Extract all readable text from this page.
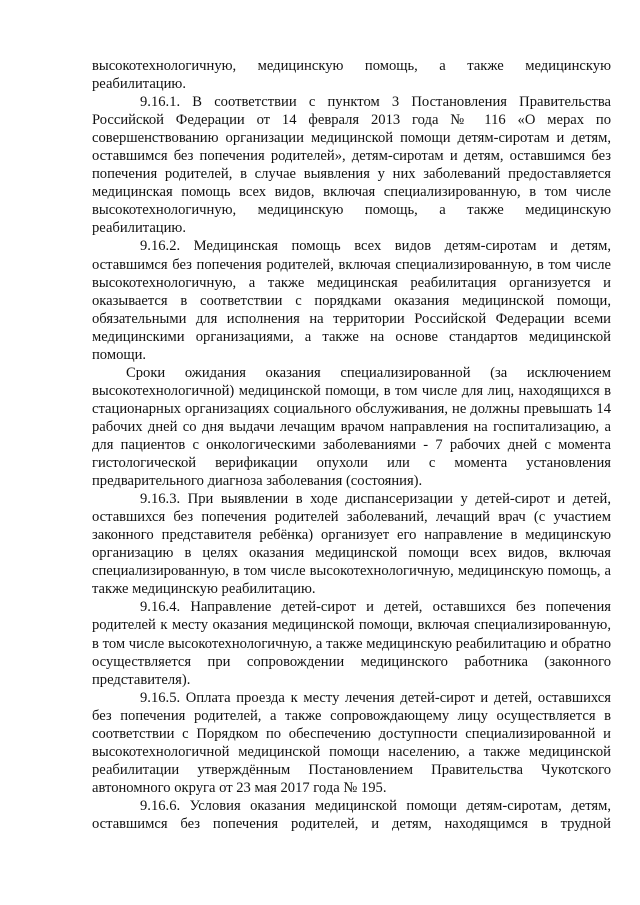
высокотехнологичную, медицинскую помощь, а также медицинскую реабилитацию.

9.16.1. В соответствии с пунктом 3 Постановления Правительства Российской Федерации от 14 февраля 2013 года № 116 «О мерах по совершенствованию организации медицинской помощи детям-сиротам и детям, оставшимся без попечения родителей», детям-сиротам и детям, оставшимся без попечения родителей, в случае выявления у них заболеваний предоставляется медицинская помощь всех видов, включая специализированную, в том числе высокотехнологичную, медицинскую помощь, а также медицинскую реабилитацию.

9.16.2. Медицинская помощь всех видов детям-сиротам и детям, оставшимся без попечения родителей, включая специализированную, в том числе высокотехнологичную, а также медицинская реабилитация организуется и оказывается в соответствии с порядками оказания медицинской помощи, обязательными для исполнения на территории Российской Федерации всеми медицинскими организациями, а также на основе стандартов медицинской помощи.

Сроки ожидания оказания специализированной (за исключением высокотехнологичной) медицинской помощи, в том числе для лиц, находящихся в стационарных организациях социального обслуживания, не должны превышать 14 рабочих дней со дня выдачи лечащим врачом направления на госпитализацию, а для пациентов с онкологическими заболеваниями - 7 рабочих дней с момента гистологической верификации опухоли или с момента установления предварительного диагноза заболевания (состояния).

9.16.3. При выявлении в ходе диспансеризации у детей-сирот и детей, оставшихся без попечения родителей заболеваний, лечащий врач (с участием законного представителя ребёнка) организует его направление в медицинскую организацию в целях оказания медицинской помощи всех видов, включая специализированную, в том числе высокотехнологичную, медицинскую помощь, а также медицинскую реабилитацию.

9.16.4. Направление детей-сирот и детей, оставшихся без попечения родителей к месту оказания медицинской помощи, включая специализированную, в том числе высокотехнологичную, а также медицинскую реабилитацию и обратно осуществляется при сопровождении медицинского работника (законного представителя).

9.16.5. Оплата проезда к месту лечения детей-сирот и детей, оставшихся без попечения родителей, а также сопровождающему лицу осуществляется в соответствии с Порядком по обеспечению доступности специализированной и высокотехнологичной медицинской помощи населению, а также медицинской реабилитации утверждённым Постановлением Правительства Чукотского автономного округа от 23 мая 2017 года № 195.

9.16.6. Условия оказания медицинской помощи детям-сиротам, детям, оставшимся без попечения родителей, и детям, находящимся в трудной
